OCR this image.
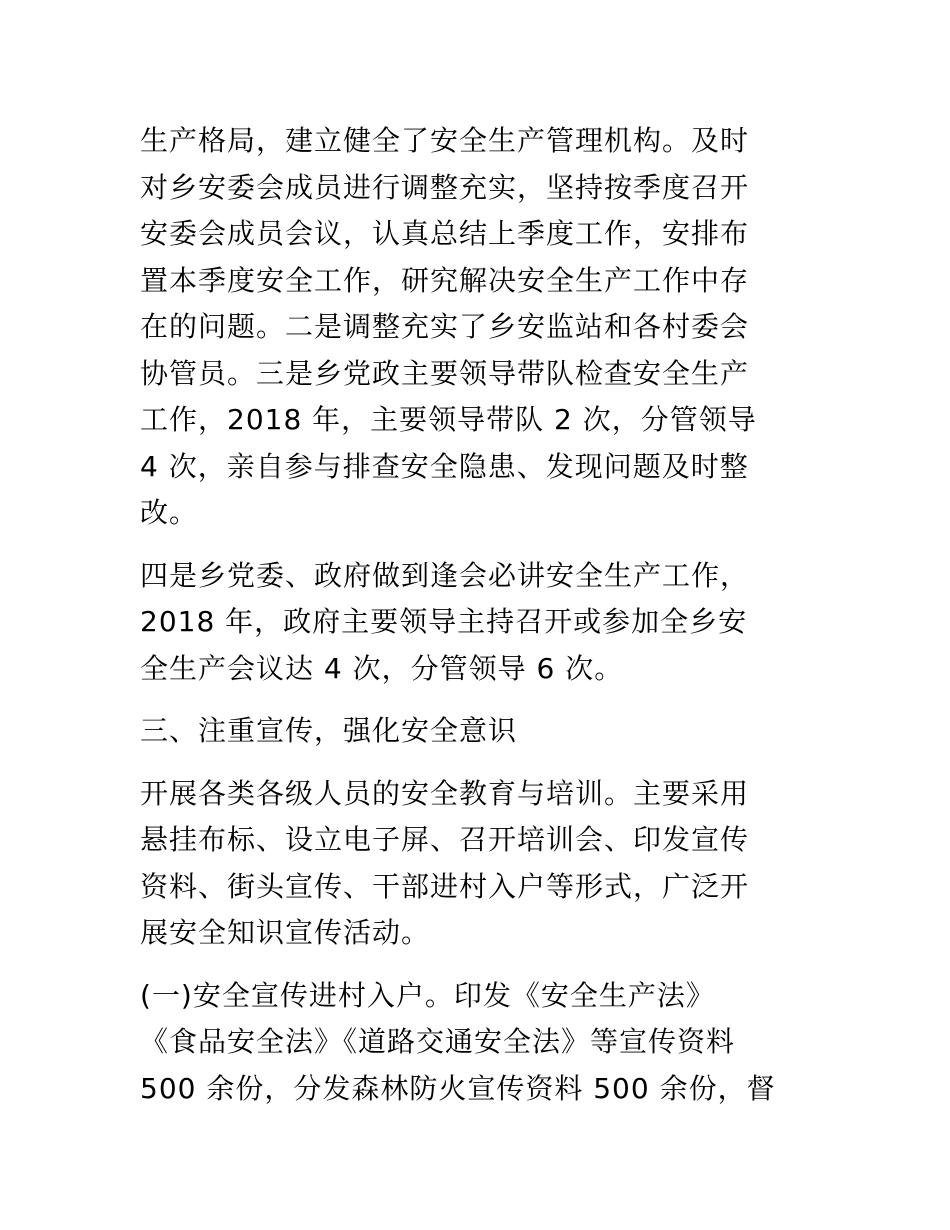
生产格局，建立健全了安全生产管理机构。及时
对乡安委会成员进行调整充实，坚持按季度召开
安委会成员会议，认真总结上季度工作，安排布
置本季度安全工作，研究解决安全生产工作中存
在的问题。二是调整充实了乡安监站和各村委会
协管员。三是乡党政主要领导带队检查安全生产
工作，2018 年，主要领导带队 2 次，分管领导
4 次，亲自参与排查安全隐患、发现问题及时整
改。

四是乡党委、政府做到逢会必讲安全生产工作，
2018 年，政府主要领导主持召开或参加全乡安
全生产会议达 4 次，分管领导 6 次。

三、注重宣传，强化安全意识

开展各类各级人员的安全教育与培训。主要采用
悬挂布标、设立电子屏、召开培训会、印发宣传
资料、街头宣传、干部进村入户等形式，广泛开
展安全知识宣传活动。

(一)安全宣传进村入户。印发《安全生产法》
《食品安全法》《道路交通安全法》等宣传资料
500 余份，分发森林防火宣传资料 500 余份，督
